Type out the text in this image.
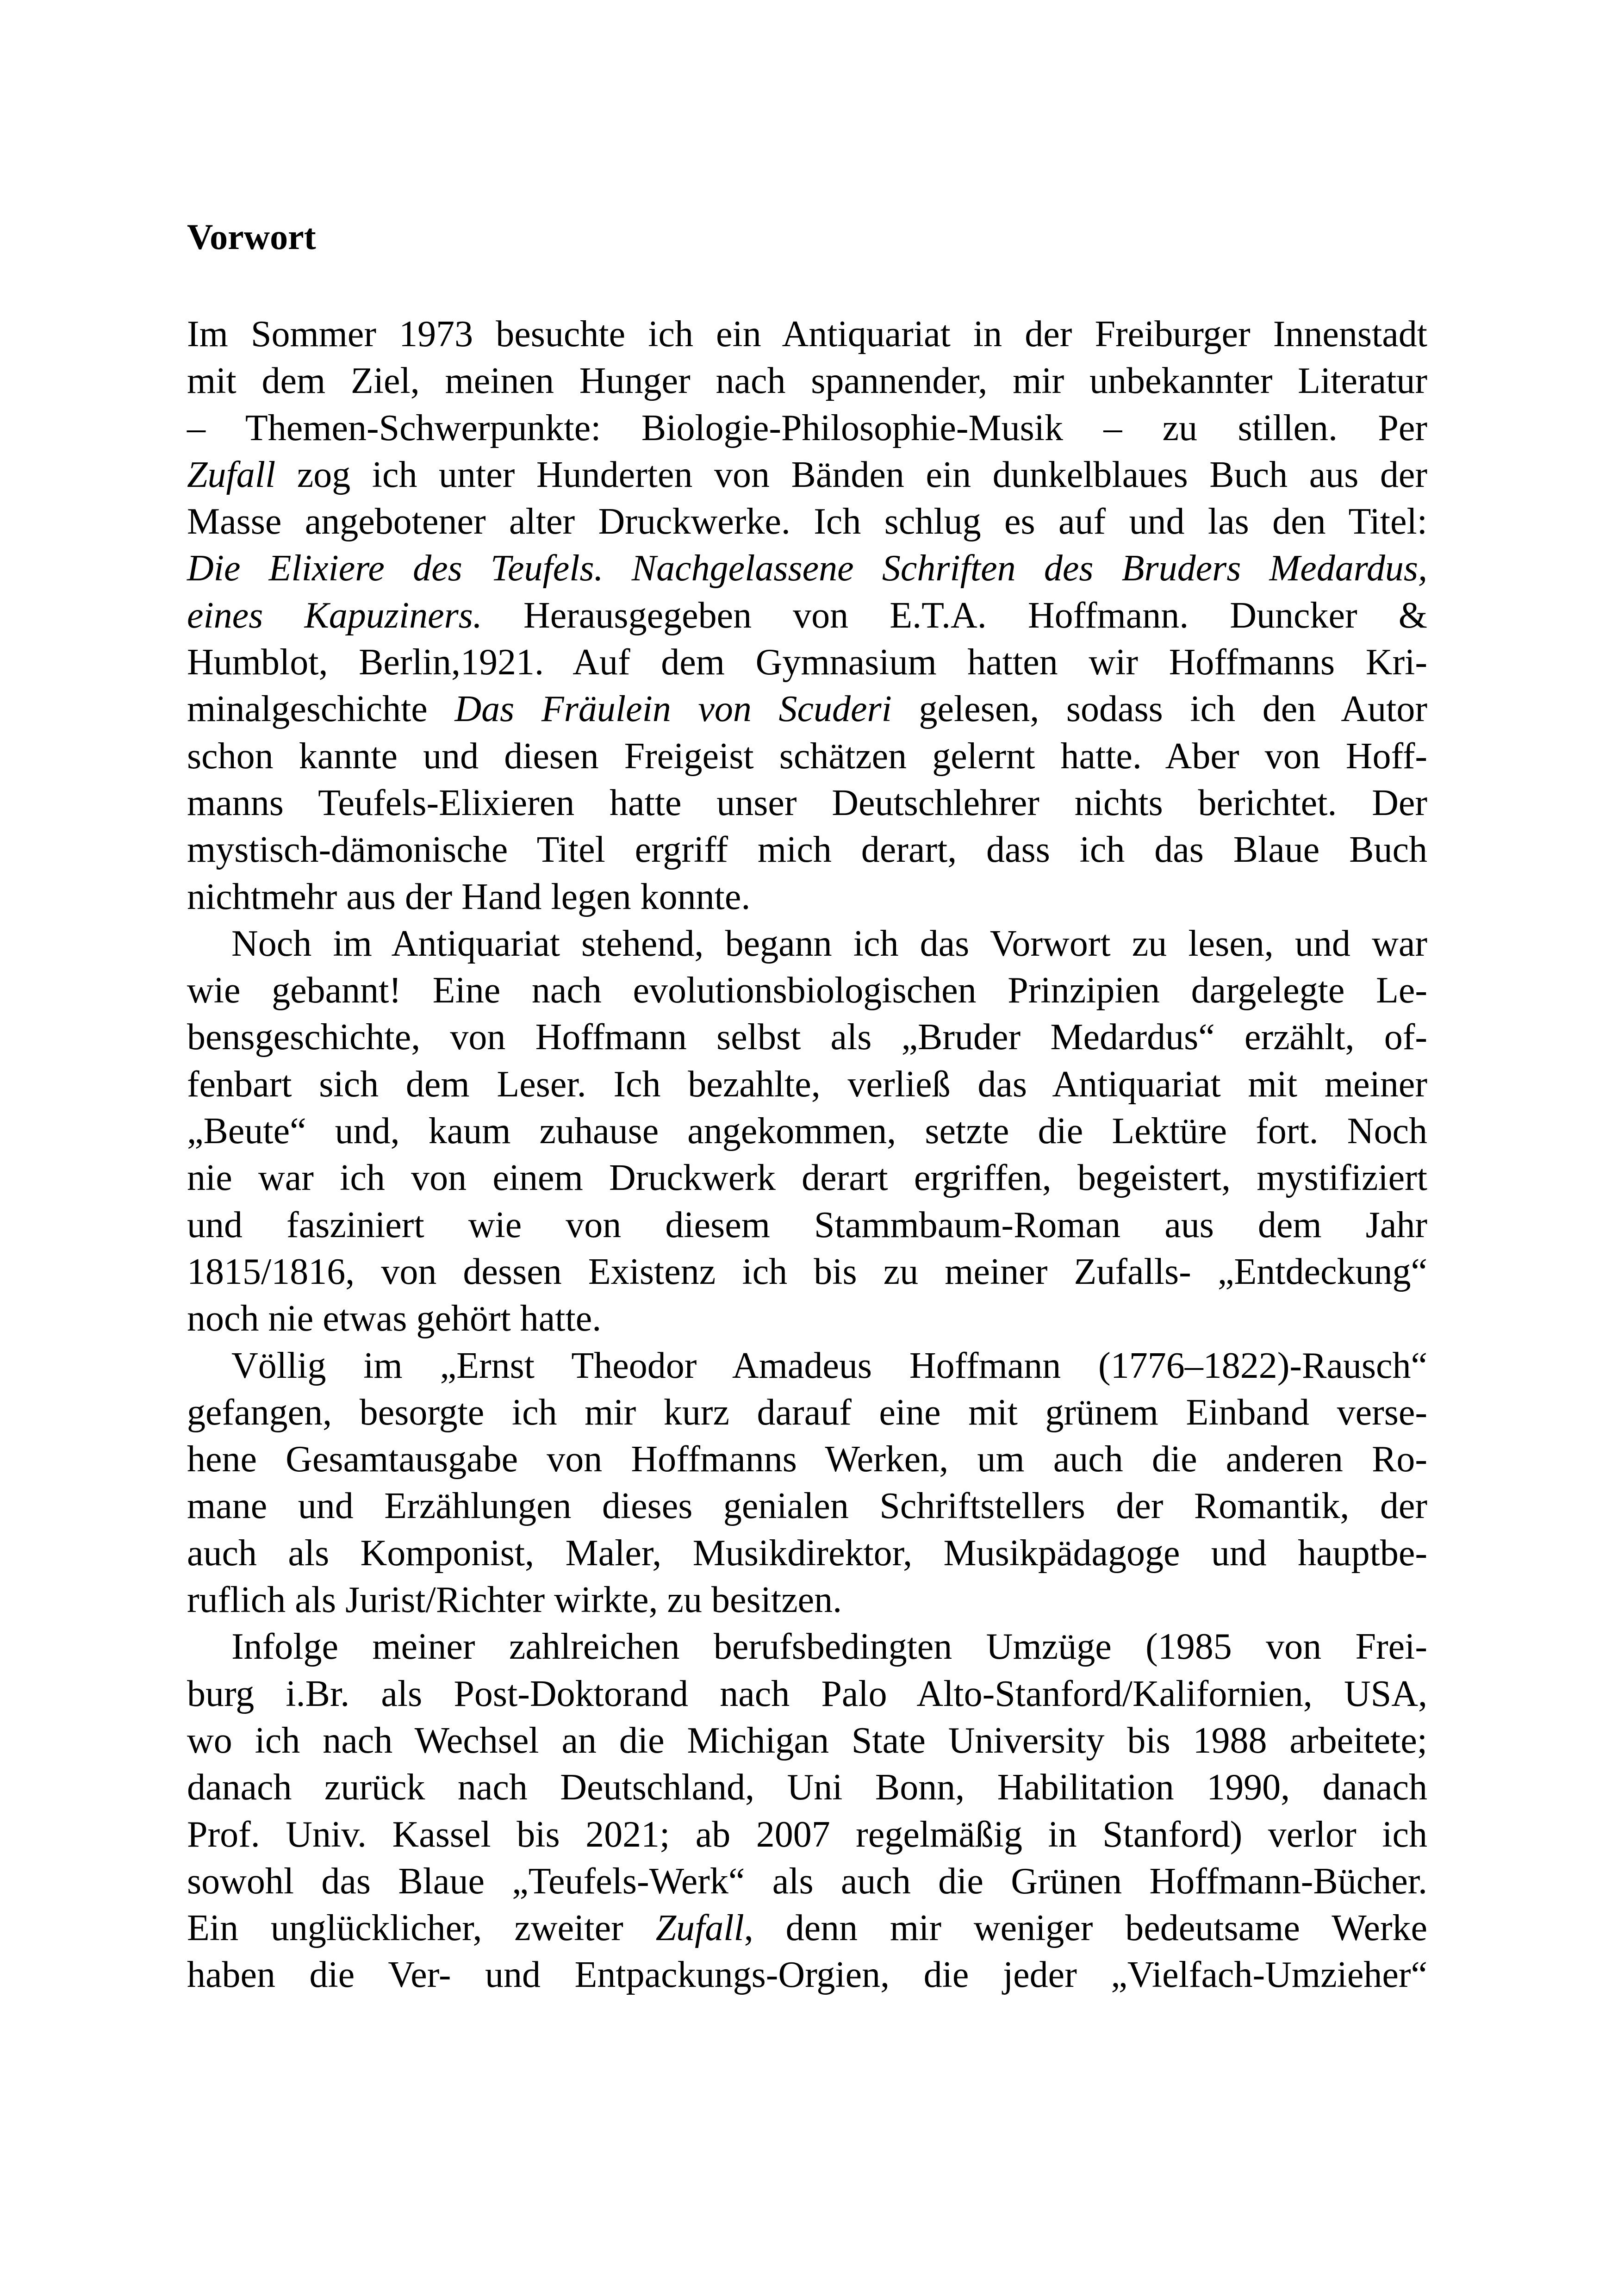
Vorwort
Im Sommer 1973 besuchte ich ein Antiquariat in der Freiburger Innenstadt
mit dem Ziel, meinen Hunger nach spannender, mir unbekannter Literatur
– Themen-Schwerpunkte: Biologie-Philosophie-Musik – zu stillen. Per
Zufall zog ich unter Hunderten von Bänden ein dunkelblaues Buch aus der
Masse angebotener alter Druckwerke. Ich schlug es auf und las den Titel:
Die Elixiere des Teufels. Nachgelassene Schriften des Bruders Medardus,
eines Kapuziners. Herausgegeben von E.T.A. Hoffmann. Duncker &
Humblot, Berlin,1921. Auf dem Gymnasium hatten wir Hoffmanns Kri-
minalgeschichte Das Fräulein von Scuderi gelesen, sodass ich den Autor
schon kannte und diesen Freigeist schätzen gelernt hatte. Aber von Hoff-
manns Teufels-Elixieren hatte unser Deutschlehrer nichts berichtet. Der
mystisch-dämonische Titel ergriff mich derart, dass ich das Blaue Buch
nichtmehr aus der Hand legen konnte.
Noch im Antiquariat stehend, begann ich das Vorwort zu lesen, und war
wie gebannt! Eine nach evolutionsbiologischen Prinzipien dargelegte Le-
bensgeschichte, von Hoffmann selbst als „Bruder Medardus“ erzählt, of-
fenbart sich dem Leser. Ich bezahlte, verließ das Antiquariat mit meiner
„Beute“ und, kaum zuhause angekommen, setzte die Lektüre fort. Noch
nie war ich von einem Druckwerk derart ergriffen, begeistert, mystifiziert
und fasziniert wie von diesem Stammbaum-Roman aus dem Jahr
1815/1816, von dessen Existenz ich bis zu meiner Zufalls- „Entdeckung“
noch nie etwas gehört hatte.
Völlig im „Ernst Theodor Amadeus Hoffmann (1776–1822)-Rausch“
gefangen, besorgte ich mir kurz darauf eine mit grünem Einband verse-
hene Gesamtausgabe von Hoffmanns Werken, um auch die anderen Ro-
mane und Erzählungen dieses genialen Schriftstellers der Romantik, der
auch als Komponist, Maler, Musikdirektor, Musikpädagoge und hauptbe-
ruflich als Jurist/Richter wirkte, zu besitzen.
Infolge meiner zahlreichen berufsbedingten Umzüge (1985 von Frei-
burg i.Br. als Post-Doktorand nach Palo Alto-Stanford/Kalifornien, USA,
wo ich nach Wechsel an die Michigan State University bis 1988 arbeitete;
danach zurück nach Deutschland, Uni Bonn, Habilitation 1990, danach
Prof. Univ. Kassel bis 2021; ab 2007 regelmäßig in Stanford) verlor ich
sowohl das Blaue „Teufels-Werk“ als auch die Grünen Hoffmann-Bücher.
Ein unglücklicher, zweiter Zufall, denn mir weniger bedeutsame Werke
haben die Ver- und Entpackungs-Orgien, die jeder „Vielfach-Umzieher“
